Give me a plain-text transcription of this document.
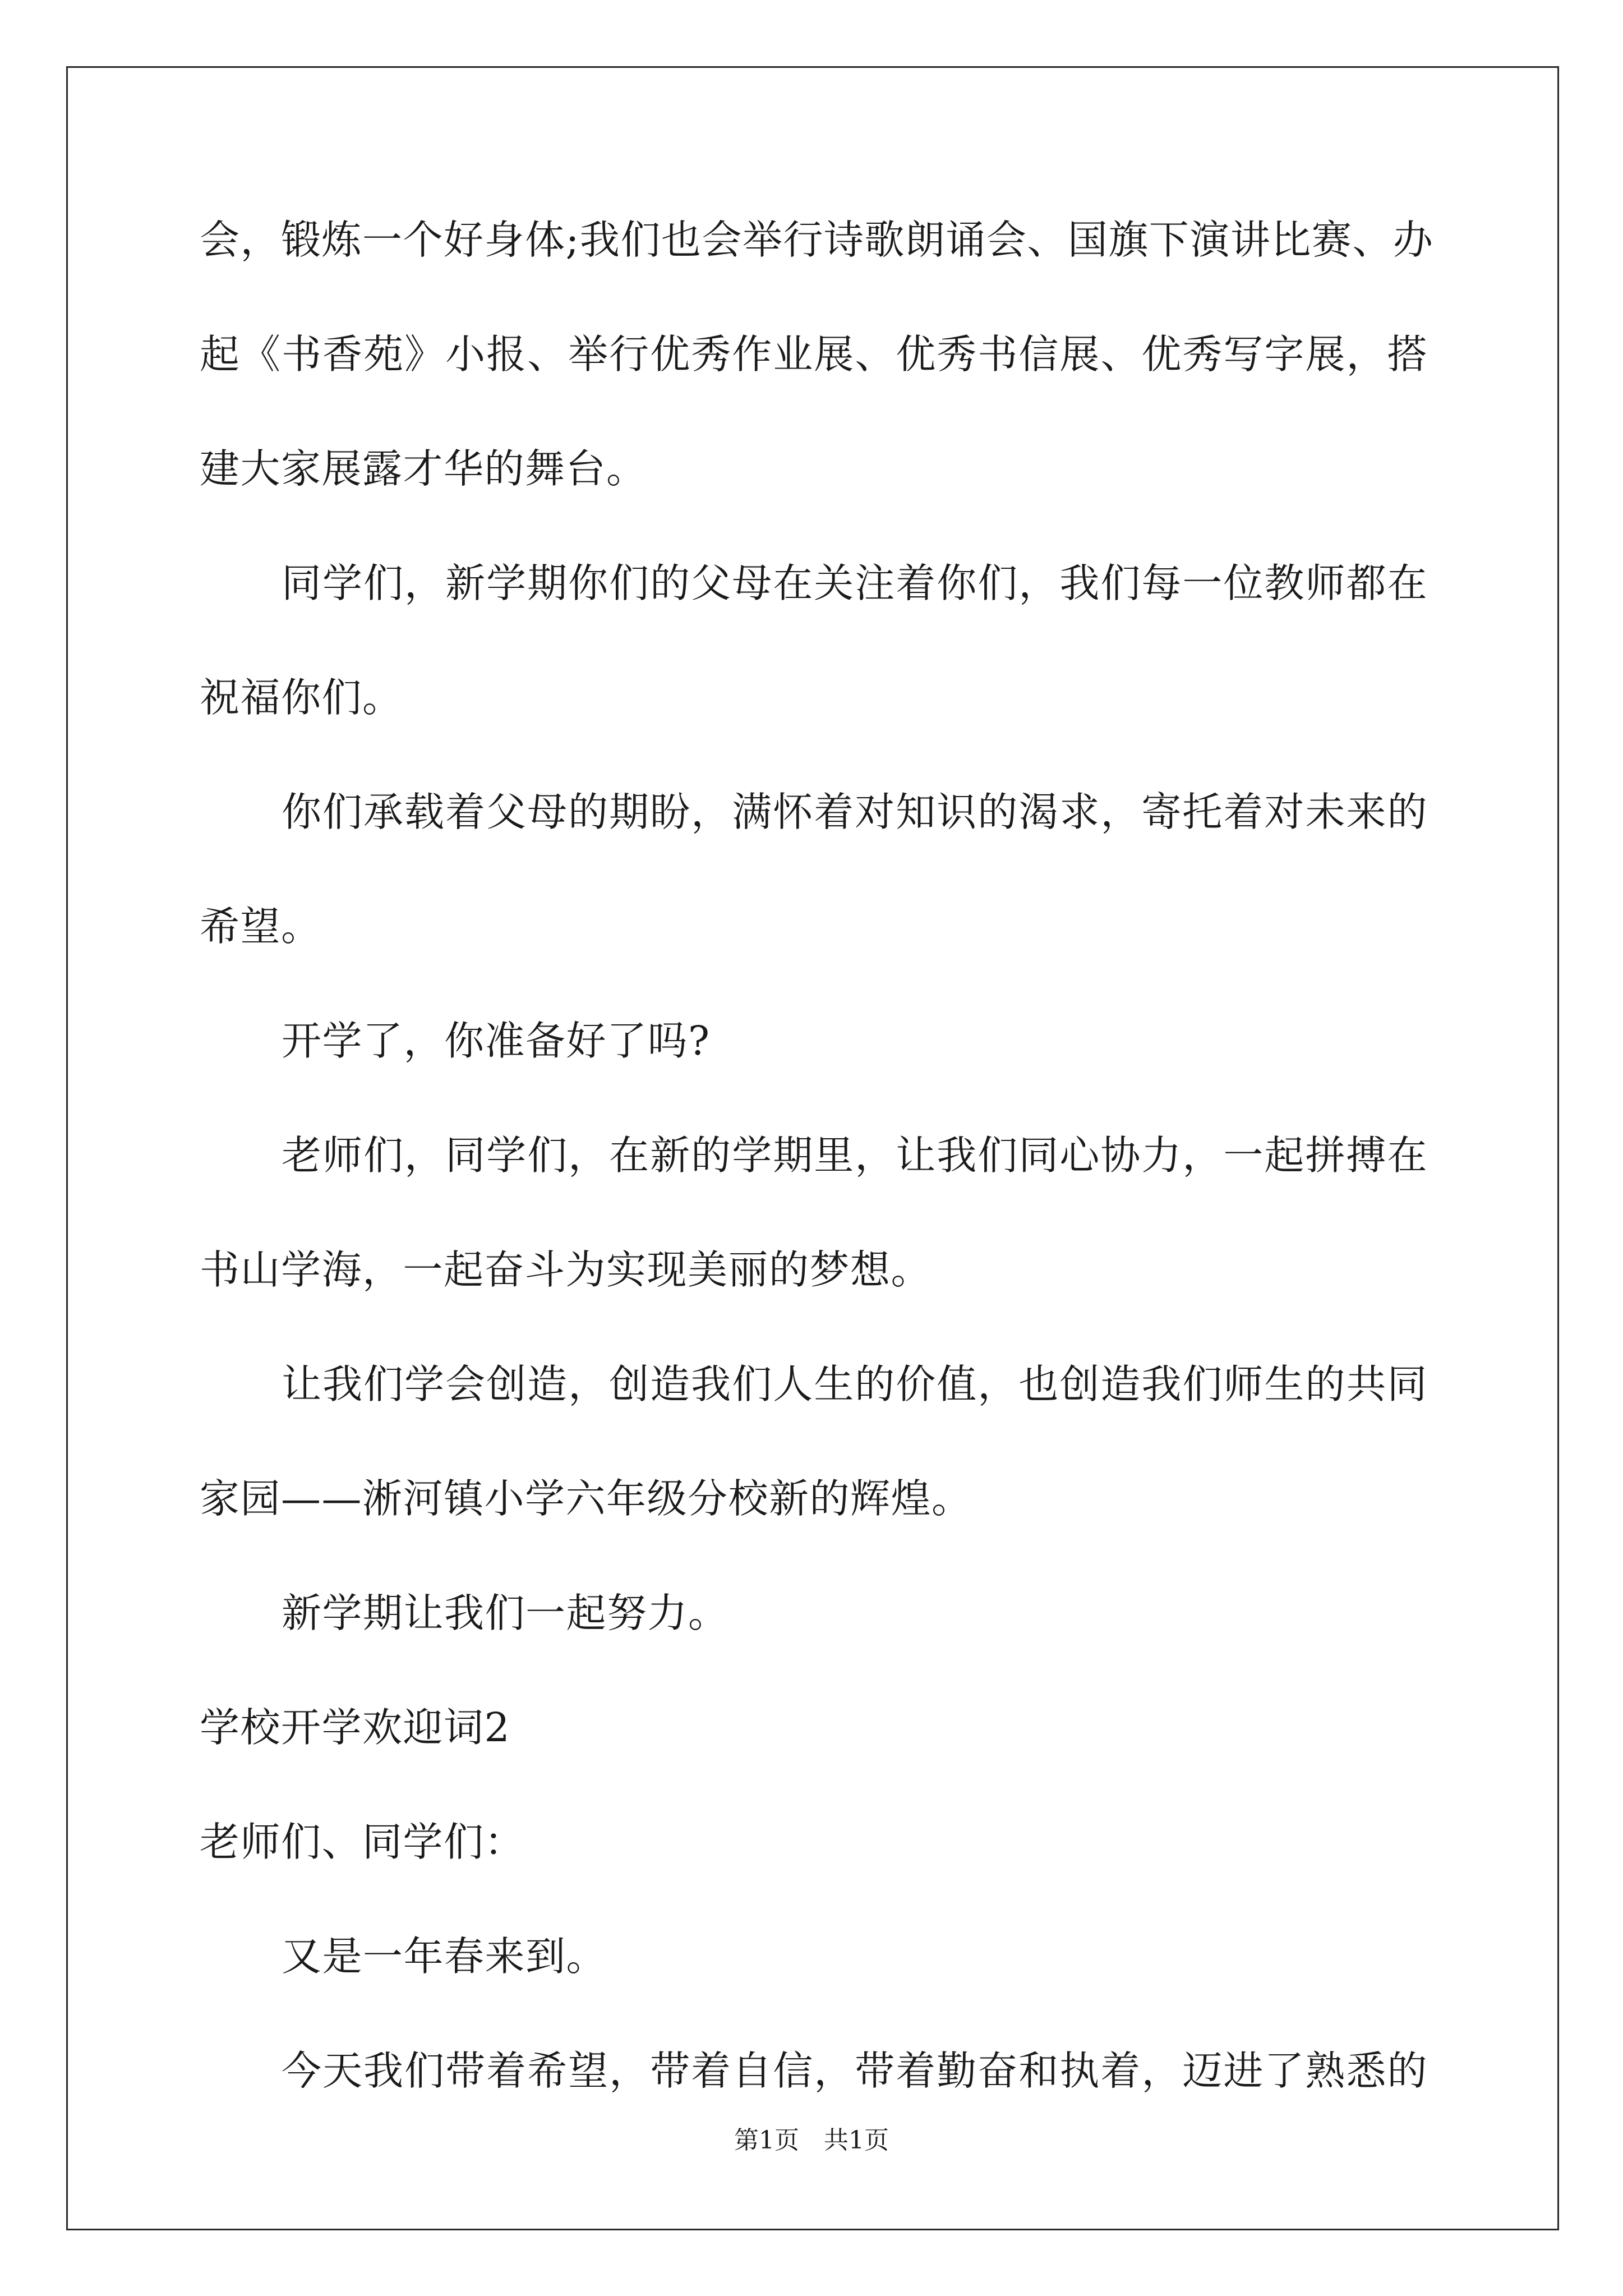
会，锻炼一个好身体;我们也会举行诗歌朗诵会、国旗下演讲比赛、办

起《书香苑》小报、举行优秀作业展、优秀书信展、优秀写字展，搭

建大家展露才华的舞台。

同学们，新学期你们的父母在关注着你们，我们每一位教师都在

祝福你们。

你们承载着父母的期盼，满怀着对知识的渴求，寄托着对未来的

希望。

开学了，你准备好了吗?

老师们，同学们，在新的学期里，让我们同心协力，一起拼搏在

书山学海，一起奋斗为实现美丽的梦想。

让我们学会创造，创造我们人生的价值，也创造我们师生的共同

家园——淅河镇小学六年级分校新的辉煌。

新学期让我们一起努力。

学校开学欢迎词2

老师们、同学们：

又是一年春来到。

今天我们带着希望，带着自信，带着勤奋和执着，迈进了熟悉的

第1页　共1页
